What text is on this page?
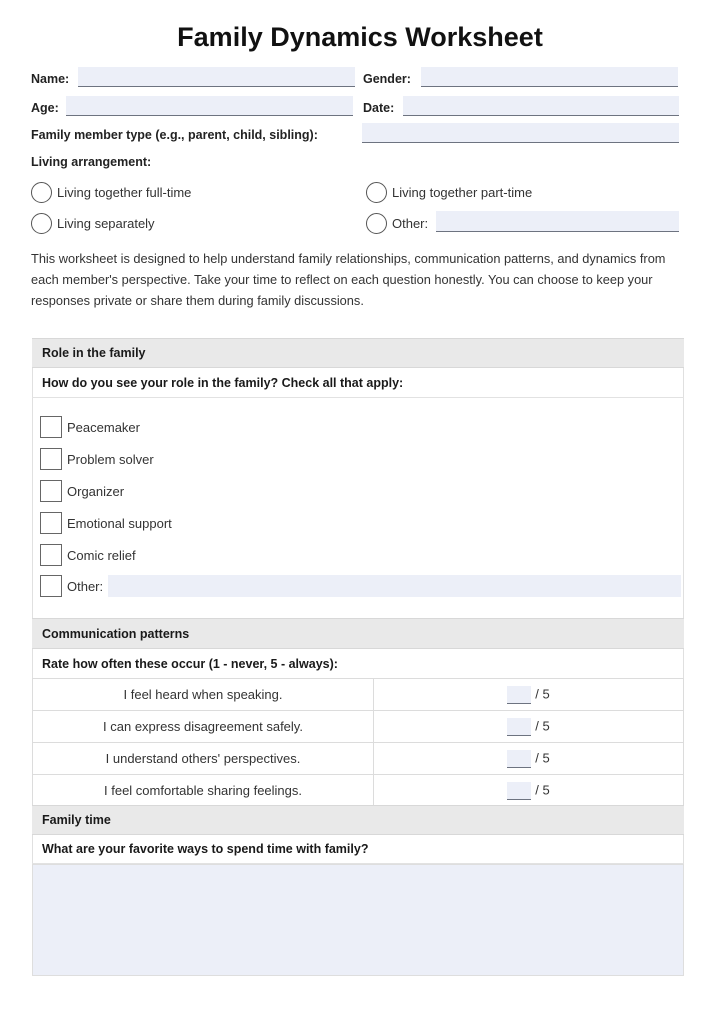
Family Dynamics Worksheet
Name:	Gender:
Age:	Date:
Family member type (e.g., parent, child, sibling):
Living arrangement:
Living together full-time	Living together part-time
Living separately	Other:
This worksheet is designed to help understand family relationships, communication patterns, and dynamics from each member's perspective. Take your time to reflect on each question honestly. You can choose to keep your responses private or share them during family discussions.
Role in the family
How do you see your role in the family? Check all that apply:
Peacemaker
Problem solver
Organizer
Emotional support
Comic relief
Other:
Communication patterns
Rate how often these occur (1 - never, 5 - always):
I feel heard when speaking.	/ 5
I can express disagreement safely.	/ 5
I understand others' perspectives.	/ 5
I feel comfortable sharing feelings.	/ 5
Family time
What are your favorite ways to spend time with family?
